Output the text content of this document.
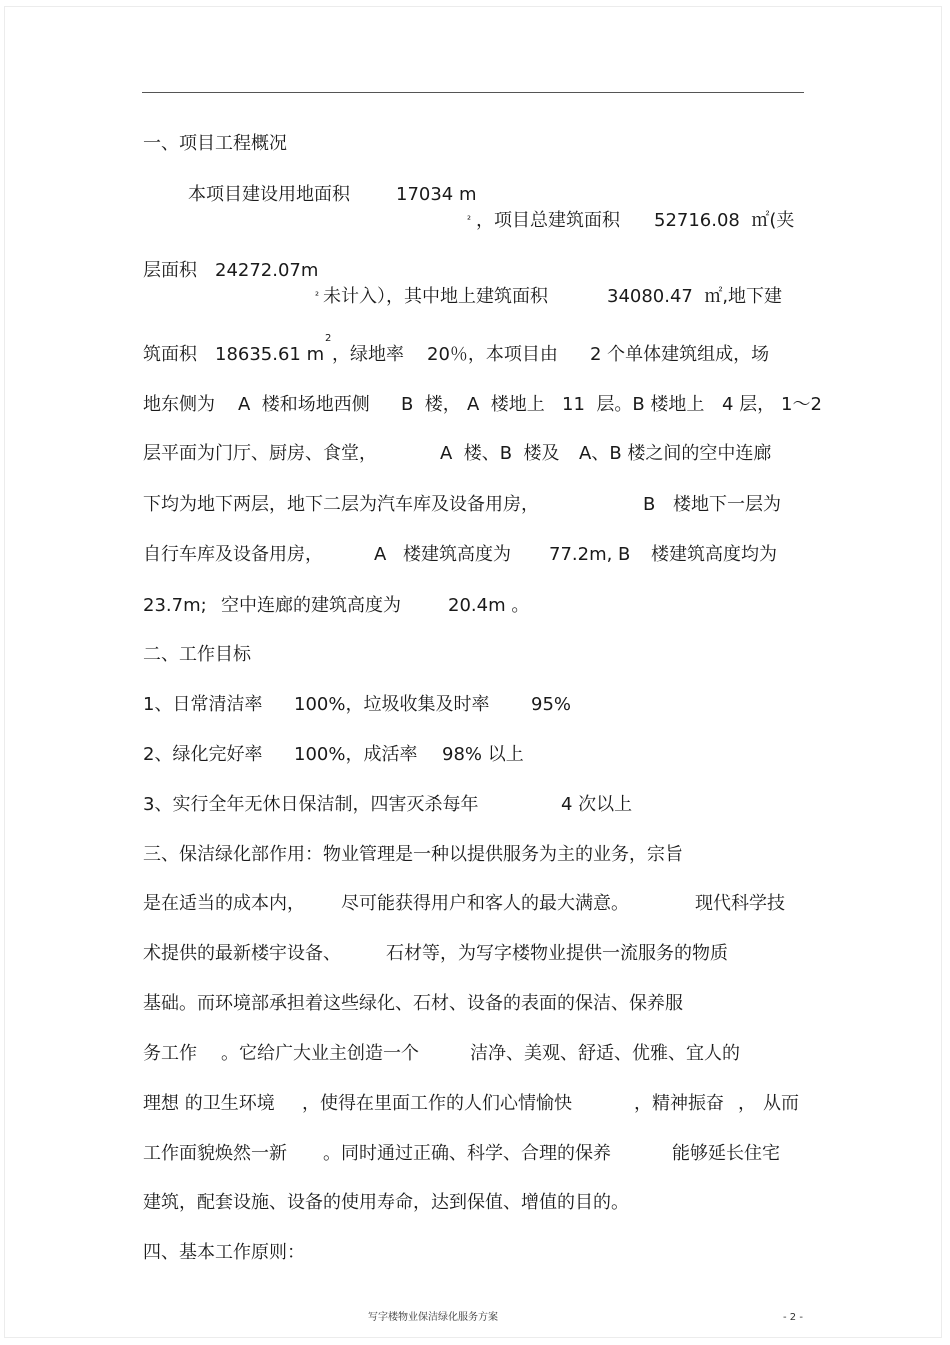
一、项目工程概况
本项目建设用地面积	17034 m
² ，项目总建筑面积 52716.08  ㎡(夹
层面积 24272.07m
² 未计入），其中地上建筑面积	34080.47  ㎡,地下建
2
筑面积 18635.61 m ，绿地率 20％，本项目由 2 个单体建筑组成，场
地东侧为 A  楼和场地西侧 B  楼， A  楼地上 11  层。B 楼地上 4 层， 1～2
层平面为门厅、厨房、食堂，	A  楼、B  楼及 A、B 楼之间的空中连廊
下均为地下两层，地下二层为汽车库及设备用房，	B 楼地下一层为
自行车库及设备用房，	A 楼建筑高度为 77.2m, B 楼建筑高度均为
23.7m; 空中连廊的建筑高度为	20.4m 。
二、工作目标
1、日常清洁率 100%，垃圾收集及时率 95%
2、绿化完好率 100%，成活率 98% 以上
3、实行全年无休日保洁制，四害灭杀每年	4 次以上
三、保洁绿化部作用：物业管理是一种以提供服务为主的业务，宗旨
是在适当的成本内， 尽可能获得用户和客人的最大满意。	现代科学技
术提供的最新楼宇设备、	石材等，为写字楼物业提供一流服务的物质
基础。而环境部承担着这些绿化、石材、设备的表面的保洁、保养服
务工作 。它给广大业主创造一个	洁净、美观、舒适、优雅、宜人的
理想 的卫生环境 ，使得在里面工作的人们心情愉快	，精神振奋 ， 从而
工作面貌焕然一新 。同时通过正确、科学、合理的保养	能够延长住宅
建筑，配套设施、设备的使用寿命，达到保值、增值的目的。
四、基本工作原则：
写字楼物业保洁绿化服务方案	- 2 -
